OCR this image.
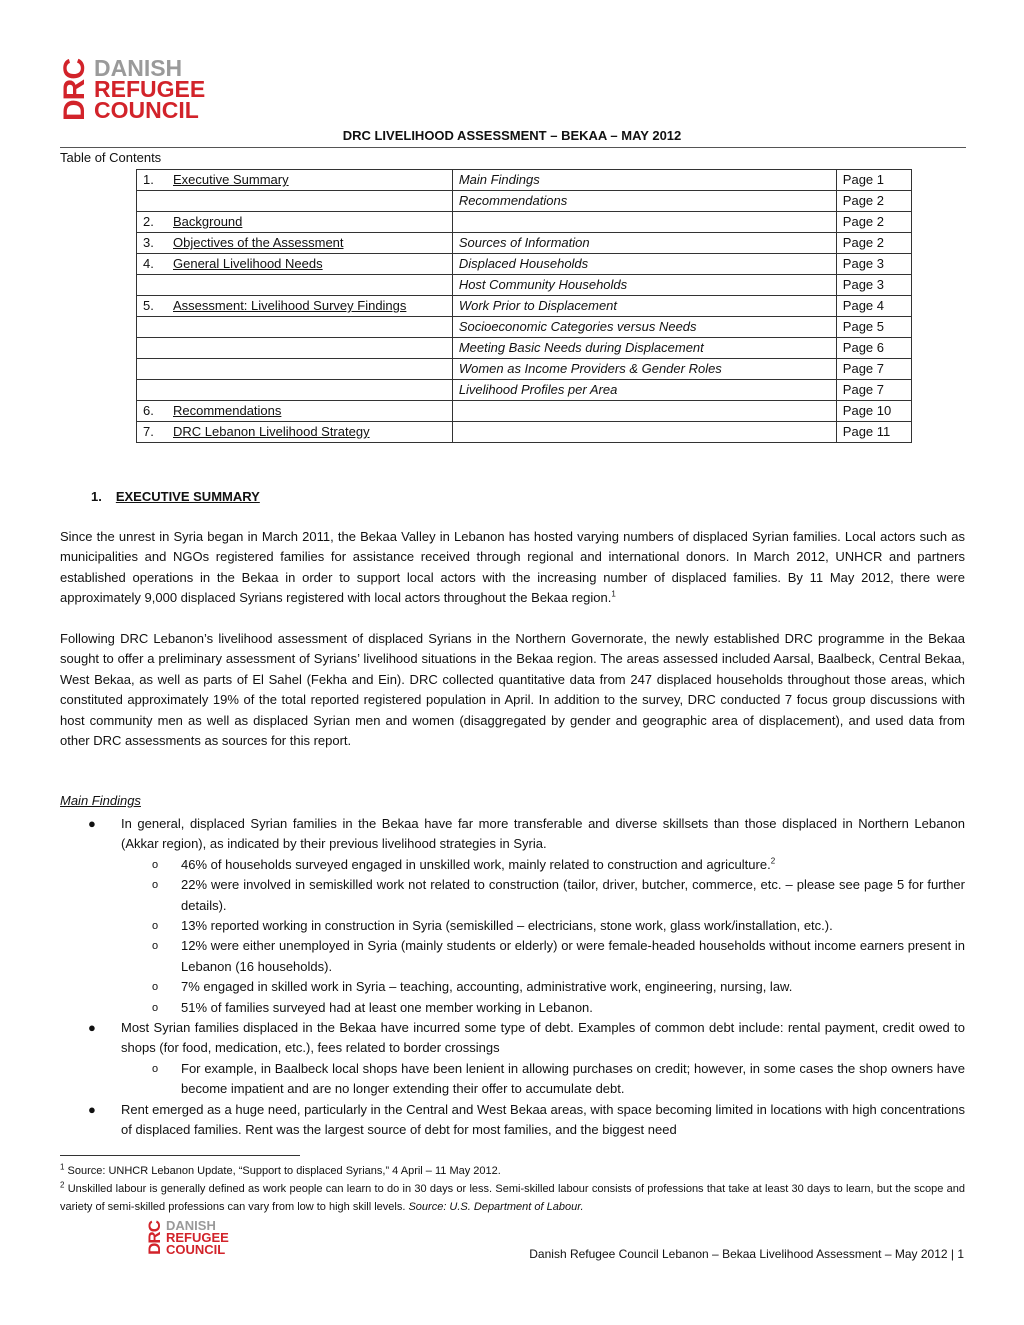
DRC DANISH
REFUGEE
COUNCIL
DRC LIVELIHOOD ASSESSMENT – BEKAA – MAY 2012
Table of Contents
1. Executive Summary	Main Findings	Page 1
	Recommendations	Page 2
2. Background		Page 2
3. Objectives of the Assessment	Sources of Information	Page 2
4. General Livelihood Needs	Displaced Households	Page 3
	Host Community Households	Page 3
5. Assessment: Livelihood Survey Findings	Work Prior to Displacement	Page 4
	Socioeconomic Categories versus Needs	Page 5
	Meeting Basic Needs during Displacement	Page 6
	Women as Income Providers & Gender Roles	Page 7
	Livelihood Profiles per Area	Page 7
6. Recommendations		Page 10
7. DRC Lebanon Livelihood Strategy		Page 11
1. EXECUTIVE SUMMARY

Since the unrest in Syria began in March 2011, the Bekaa Valley in Lebanon has hosted varying numbers of displaced Syrian families. Local actors such as municipalities and NGOs registered families for assistance received through regional and international donors. In March 2012, UNHCR and partners established operations in the Bekaa in order to support local actors with the increasing number of displaced families. By 11 May 2012, there were approximately 9,000 displaced Syrians registered with local actors throughout the Bekaa region.$^1$

Following DRC Lebanon’s livelihood assessment of displaced Syrians in the Northern Governorate, the newly established DRC programme in the Bekaa sought to offer a preliminary assessment of Syrians’ livelihood situations in the Bekaa region. The areas assessed included Aarsal, Baalbeck, Central Bekaa, West Bekaa, as well as parts of El Sahel (Fekha and Ein). DRC collected quantitative data from 247 displaced households throughout those areas, which constituted approximately 19% of the total reported registered population in April. In addition to the survey, DRC conducted 7 focus group discussions with host community men as well as displaced Syrian men and women (disaggregated by gender and geographic area of displacement), and used data from other DRC assessments as sources for this report.

Main Findings
● In general, displaced Syrian families in the Bekaa have far more transferable and diverse skillsets than those displaced in Northern Lebanon (Akkar region), as indicated by their previous livelihood strategies in Syria.
o 46% of households surveyed engaged in unskilled work, mainly related to construction and agriculture.$^2$
o 22% were involved in semiskilled work not related to construction (tailor, driver, butcher, commerce, etc. – please see page 5 for further details).
o 13% reported working in construction in Syria (semiskilled – electricians, stone work, glass work/installation, etc.).
o 12% were either unemployed in Syria (mainly students or elderly) or were female-headed households without income earners present in Lebanon (16 households).
o 7% engaged in skilled work in Syria – teaching, accounting, administrative work, engineering, nursing, law.
o 51% of families surveyed had at least one member working in Lebanon.
● Most Syrian families displaced in the Bekaa have incurred some type of debt. Examples of common debt include: rental payment, credit owed to shops (for food, medication, etc.), fees related to border crossings
o For example, in Baalbeck local shops have been lenient in allowing purchases on credit; however, in some cases the shop owners have become impatient and are no longer extending their offer to accumulate debt.
● Rent emerged as a huge need, particularly in the Central and West Bekaa areas, with space becoming limited in locations with high concentrations of displaced families. Rent was the largest source of debt for most families, and the biggest need

$^1$ Source: UNHCR Lebanon Update, “Support to displaced Syrians,” 4 April – 11 May 2012.

$^2$ Unskilled labour is generally defined as work people can learn to do in 30 days or less. Semi-skilled labour consists of professions that take at least 30 days to learn, but the scope and variety of semi-skilled professions can vary from low to high skill levels. Source: U.S. Department of Labour.

DRC DANISH
REFUGEE
COUNCIL	Danish Refugee Council Lebanon – Bekaa Livelihood Assessment – May 2012 | 1
